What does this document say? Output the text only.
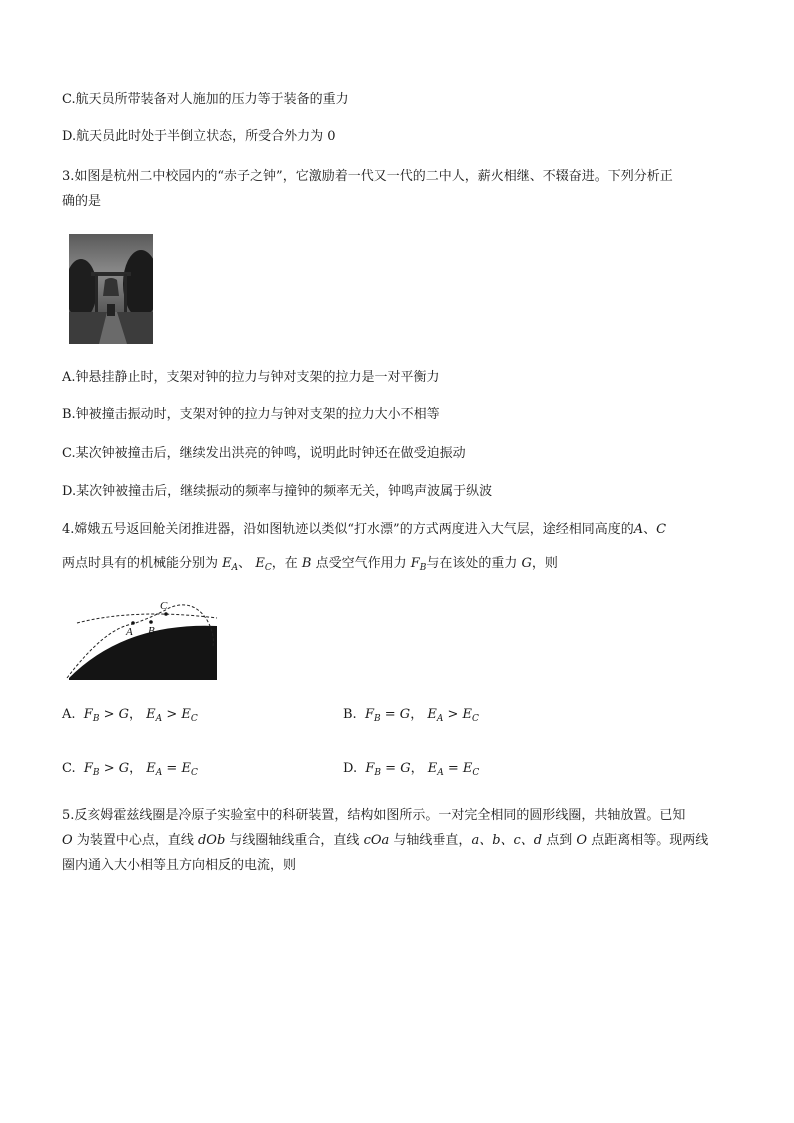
C.航天员所带装备对人施加的压力等于装备的重力
D.航天员此时处于半倒立状态，所受合外力为 0
3.如图是杭州二中校园内的“赤子之钟”，它激励着一代又一代的二中人，薪火相继、不辍奋进。下列分析正
确的是
A.钟悬挂静止时，支架对钟的拉力与钟对支架的拉力是一对平衡力
B.钟被撞击振动时，支架对钟的拉力与钟对支架的拉力大小不相等
C.某次钟被撞击后，继续发出洪亮的钟鸣，说明此时钟还在做受迫振动
D.某次钟被撞击后，继续振动的频率与撞钟的频率无关，钟鸣声波属于纵波
4.嫦娥五号返回舱关闭推进器，沿如图轨迹以类似“打水漂”的方式两度进入大气层，途经相同高度的A、C
两点时具有的机械能分别为 $E_A$、 $E_C$，在 B 点受空气作用力 $F_B$与在该处的重力 G，则
A B
C
A. $F_B > G$， $E_A > E_C$	B. $F_B = G$， $E_A > E_C$
C. $F_B > G$， $E_A = E_C$	D. $F_B = G$， $E_A = E_C$
5.反亥姆霍兹线圈是冷原子实验室中的科研装置，结构如图所示。一对完全相同的圆形线圈，共轴放置。已知
O 为装置中心点，直线 dOb 与线圈轴线重合，直线 cOa 与轴线垂直，a、b、c、d 点到 O 点距离相等。现两线
圈内通入大小相等且方向相反的电流，则
